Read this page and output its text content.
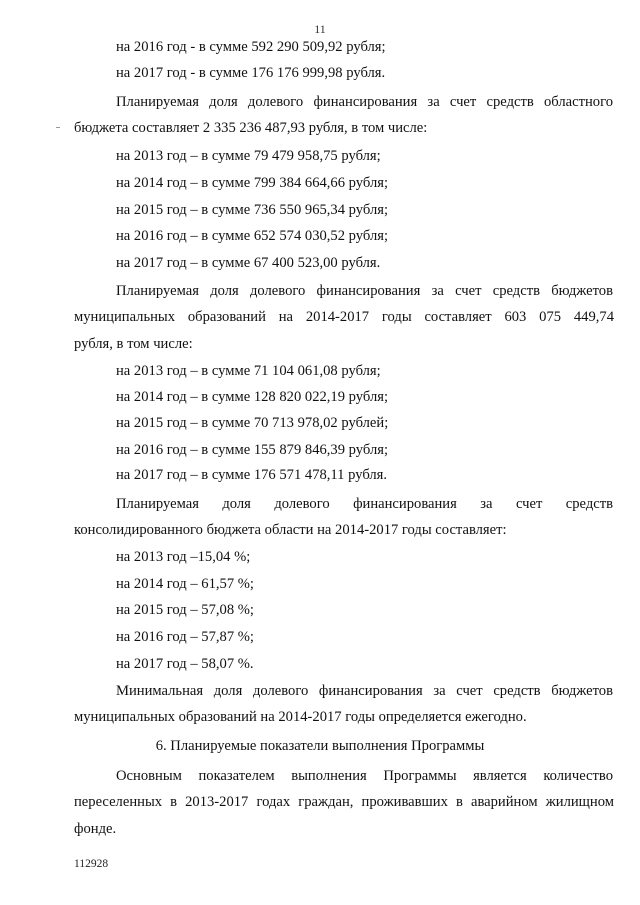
11
на 2016 год - в сумме 592 290 509,92 рубля;
на 2017 год - в сумме 176 176 999,98 рубля.
Планируемая доля долевого финансирования за счет средств областного
бюджета составляет 2 335 236 487,93 рубля, в том числе:
на 2013 год – в сумме 79 479 958,75 рубля;
на 2014 год – в сумме 799 384 664,66 рубля;
на 2015 год – в сумме 736 550 965,34 рубля;
на 2016 год – в сумме 652 574 030,52 рубля;
на 2017 год – в сумме 67 400 523,00 рубля.
Планируемая доля долевого финансирования за счет средств бюджетов
муниципальных образований на 2014-2017 годы составляет 603 075 449,74
рубля, в том числе:
на 2013 год – в сумме 71 104 061,08 рубля;
на 2014 год – в сумме 128 820 022,19 рубля;
на 2015 год – в сумме 70 713 978,02 рублей;
на 2016 год – в сумме 155 879 846,39 рубля;
на 2017 год – в сумме 176 571 478,11 рубля.
Планируемая доля долевого финансирования за счет средств
консолидированного бюджета области на 2014-2017 годы составляет:
на 2013 год –15,04 %;
на 2014 год – 61,57 %;
на 2015 год – 57,08 %;
на 2016 год – 57,87 %;
на 2017 год – 58,07 %.
Минимальная доля долевого финансирования за счет средств бюджетов
муниципальных образований на 2014-2017 годы определяется ежегодно.
6. Планируемые показатели выполнения Программы
Основным показателем выполнения Программы является количество
переселенных в 2013-2017 годах граждан, проживавших в аварийном жилищном
фонде.
112928
